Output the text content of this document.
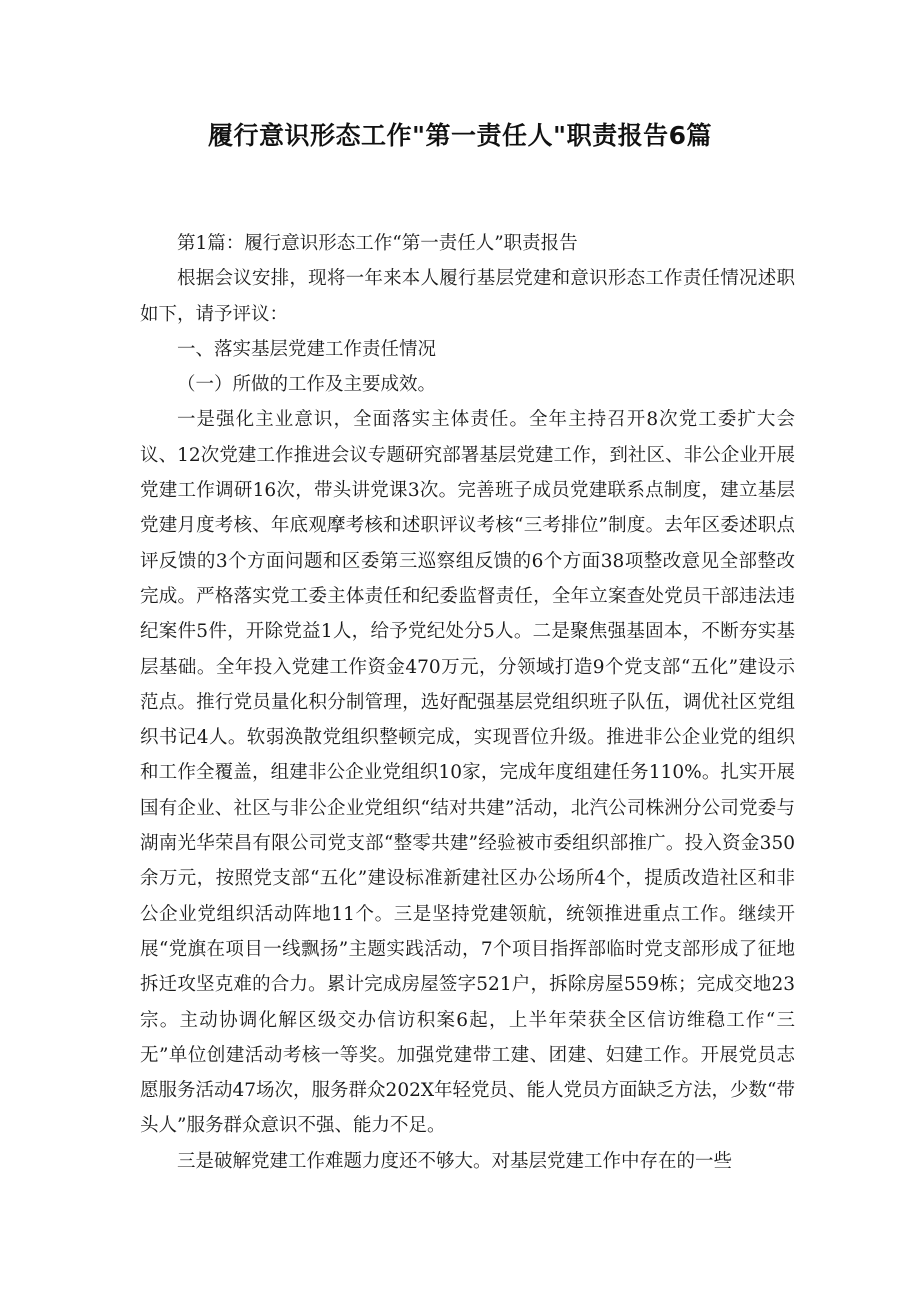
履行意识形态工作"第一责任人"职责报告6篇

第1篇：履行意识形态工作“第一责任人”职责报告

根据会议安排，现将一年来本人履行基层党建和意识形态工作责任情况述职如下，请予评议：

一、落实基层党建工作责任情况

（一）所做的工作及主要成效。

一是强化主业意识，全面落实主体责任。全年主持召开8次党工委扩大会议、12次党建工作推进会议专题研究部署基层党建工作，到社区、非公企业开展党建工作调研16次，带头讲党课3次。完善班子成员党建联系点制度，建立基层党建月度考核、年底观摩考核和述职评议考核“三考排位”制度。去年区委述职点评反馈的3个方面问题和区委第三巡察组反馈的6个方面38项整改意见全部整改完成。严格落实党工委主体责任和纪委监督责任，全年立案查处党员干部违法违纪案件5件，开除党益1人，给予党纪处分5人。二是聚焦强基固本，不断夯实基层基础。全年投入党建工作资金470万元，分领域打造9个党支部“五化”建设示范点。推行党员量化积分制管理，选好配强基层党组织班子队伍，调优社区党组织书记4人。软弱涣散党组织整顿完成，实现晋位升级。推进非公企业党的组织和工作全覆盖，组建非公企业党组织10家，完成年度组建任务110%。扎实开展国有企业、社区与非公企业党组织“结对共建”活动，北汽公司株洲分公司党委与湖南光华荣昌有限公司党支部“整零共建”经验被市委组织部推广。投入资金350余万元，按照党支部“五化”建设标准新建社区办公场所4个，提质改造社区和非公企业党组织活动阵地11个。三是坚持党建领航，统领推进重点工作。继续开展“党旗在项目一线飘扬”主题实践活动，7个项目指挥部临时党支部形成了征地拆迁攻坚克难的合力。累计完成房屋签字521户，拆除房屋559栋；完成交地23宗。主动协调化解区级交办信访积案6起，上半年荣获全区信访维稳工作“三无”单位创建活动考核一等奖。加强党建带工建、团建、妇建工作。开展党员志愿服务活动47场次，服务群众202X年轻党员、能人党员方面缺乏方法，少数“带头人”服务群众意识不强、能力不足。

三是破解党建工作难题力度还不够大。对基层党建工作中存在的一些
